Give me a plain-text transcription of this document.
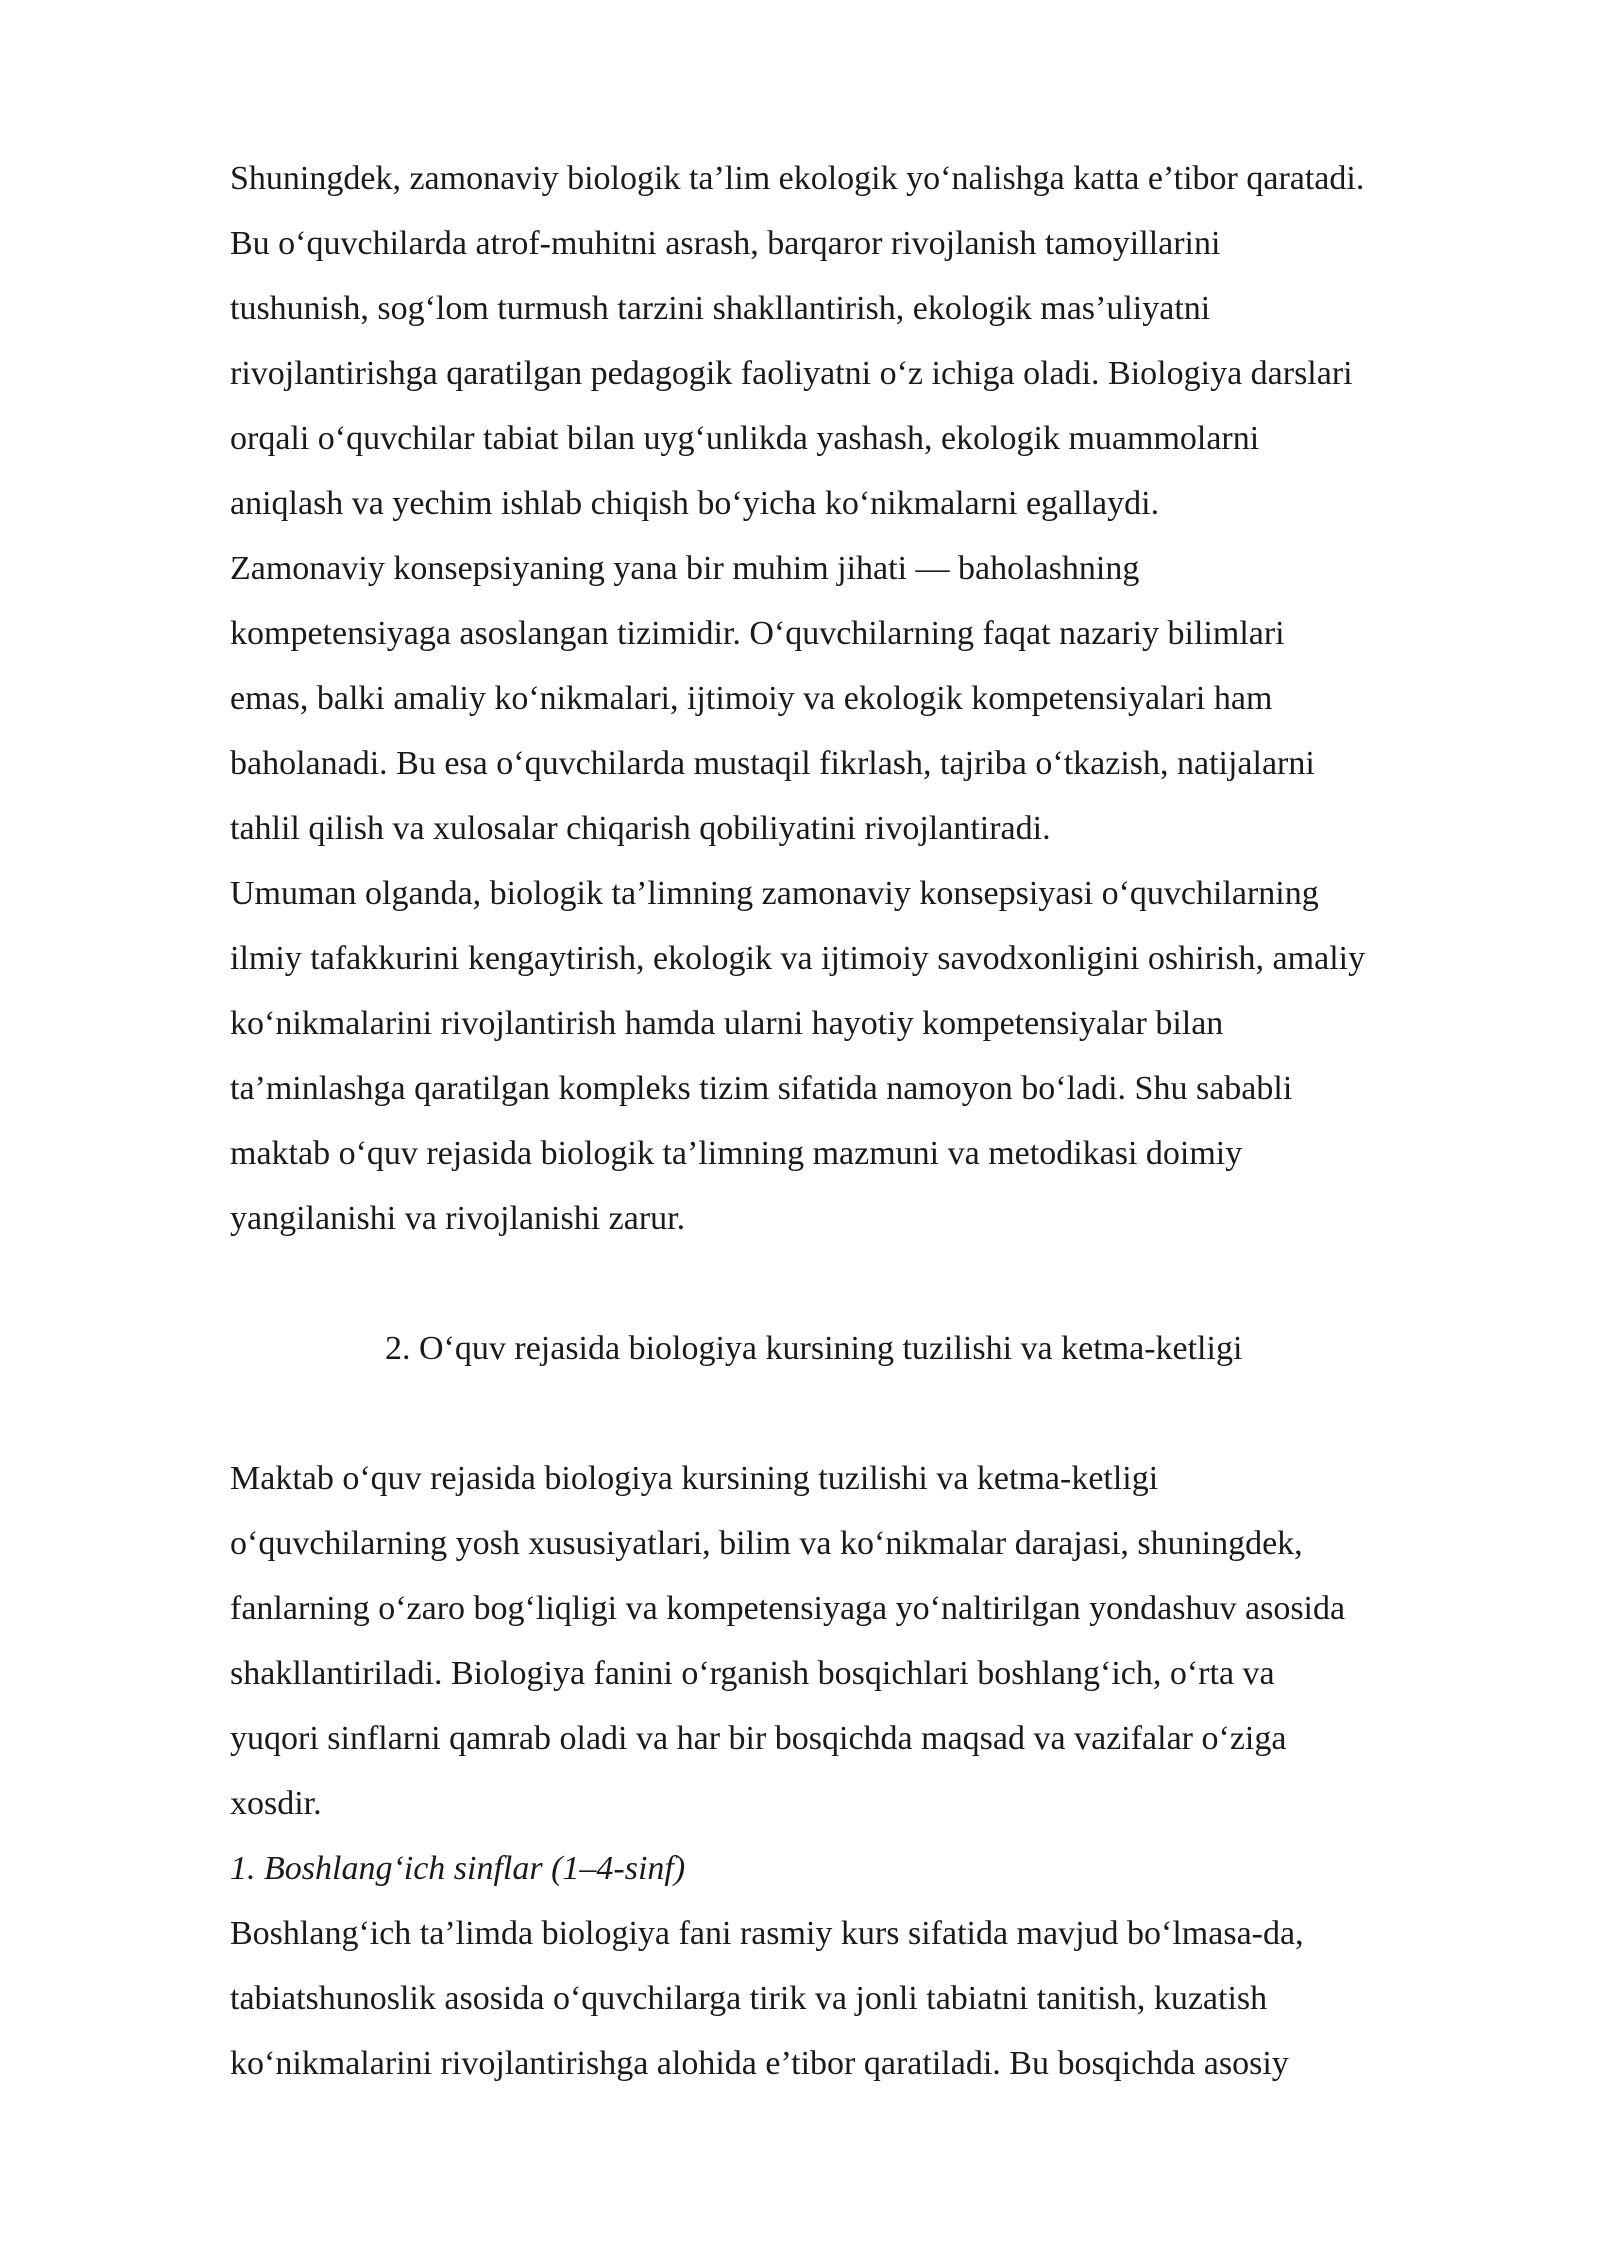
Shuningdek, zamonaviy biologik ta’lim ekologik yo‘nalishga katta e’tibor qaratadi.
Bu o‘quvchilarda atrof-muhitni asrash, barqaror rivojlanish tamoyillarini
tushunish, sog‘lom turmush tarzini shakllantirish, ekologik mas’uliyatni
rivojlantirishga qaratilgan pedagogik faoliyatni o‘z ichiga oladi. Biologiya darslari
orqali o‘quvchilar tabiat bilan uyg‘unlikda yashash, ekologik muammolarni
aniqlash va yechim ishlab chiqish bo‘yicha ko‘nikmalarni egallaydi.
Zamonaviy konsepsiyaning yana bir muhim jihati — baholashning
kompetensiyaga asoslangan tizimidir. O‘quvchilarning faqat nazariy bilimlari
emas, balki amaliy ko‘nikmalari, ijtimoiy va ekologik kompetensiyalari ham
baholanadi. Bu esa o‘quvchilarda mustaqil fikrlash, tajriba o‘tkazish, natijalarni
tahlil qilish va xulosalar chiqarish qobiliyatini rivojlantiradi.
Umuman olganda, biologik ta’limning zamonaviy konsepsiyasi o‘quvchilarning
ilmiy tafakkurini kengaytirish, ekologik va ijtimoiy savodxonligini oshirish, amaliy
ko‘nikmalarini rivojlantirish hamda ularni hayotiy kompetensiyalar bilan
ta’minlashga qaratilgan kompleks tizim sifatida namoyon bo‘ladi. Shu sababli
maktab o‘quv rejasida biologik ta’limning mazmuni va metodikasi doimiy
yangilanishi va rivojlanishi zarur.
2. O‘quv rejasida biologiya kursining tuzilishi va ketma-ketligi
Maktab o‘quv rejasida biologiya kursining tuzilishi va ketma-ketligi
o‘quvchilarning yosh xususiyatlari, bilim va ko‘nikmalar darajasi, shuningdek,
fanlarning o‘zaro bog‘liqligi va kompetensiyaga yo‘naltirilgan yondashuv asosida
shakllantiriladi. Biologiya fanini o‘rganish bosqichlari boshlang‘ich, o‘rta va
yuqori sinflarni qamrab oladi va har bir bosqichda maqsad va vazifalar o‘ziga
xosdir.
1. Boshlang‘ich sinflar (1–4-sinf)
Boshlang‘ich ta’limda biologiya fani rasmiy kurs sifatida mavjud bo‘lmasa-da,
tabiatshunoslik asosida o‘quvchilarga tirik va jonli tabiatni tanitish, kuzatish
ko‘nikmalarini rivojlantirishga alohida e’tibor qaratiladi. Bu bosqichda asosiy
